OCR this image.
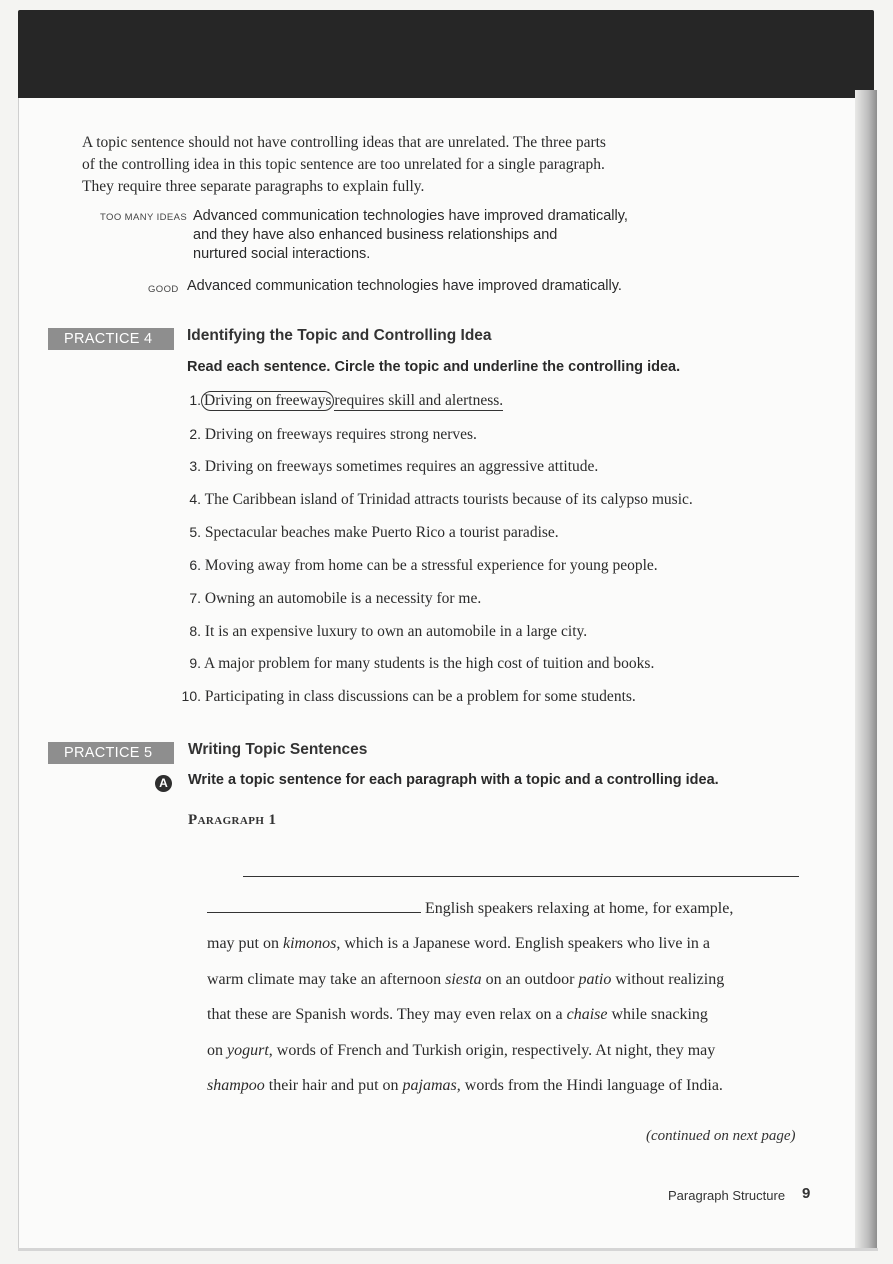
A topic sentence should not have controlling ideas that are unrelated. The three parts
of the controlling idea in this topic sentence are too unrelated for a single paragraph.
They require three separate paragraphs to explain fully.
TOO MANY IDEAS Advanced communication technologies have improved dramatically,
and they have also enhanced business relationships and
nurtured social interactions.
GOOD Advanced communication technologies have improved dramatically.
PRACTICE 4	Identifying the Topic and Controlling Idea
Read each sentence. Circle the topic and underline the controlling idea.
1. Driving on freeways requires skill and alertness.
2. Driving on freeways requires strong nerves.
3. Driving on freeways sometimes requires an aggressive attitude.
4. The Caribbean island of Trinidad attracts tourists because of its calypso music.
5. Spectacular beaches make Puerto Rico a tourist paradise.
6. Moving away from home can be a stressful experience for young people.
7. Owning an automobile is a necessity for me.
8. It is an expensive luxury to own an automobile in a large city.
9. A major problem for many students is the high cost of tuition and books.
10. Participating in class discussions can be a problem for some students.
PRACTICE 5	Writing Topic Sentences
A Write a topic sentence for each paragraph with a topic and a controlling idea.
Paragraph 1
English speakers relaxing at home, for example,
may put on kimonos, which is a Japanese word. English speakers who live in a
warm climate may take an afternoon siesta on an outdoor patio without realizing
that these are Spanish words. They may even relax on a chaise while snacking
on yogurt, words of French and Turkish origin, respectively. At night, they may
shampoo their hair and put on pajamas, words from the Hindi language of India.
(continued on next page)
Paragraph Structure 9
